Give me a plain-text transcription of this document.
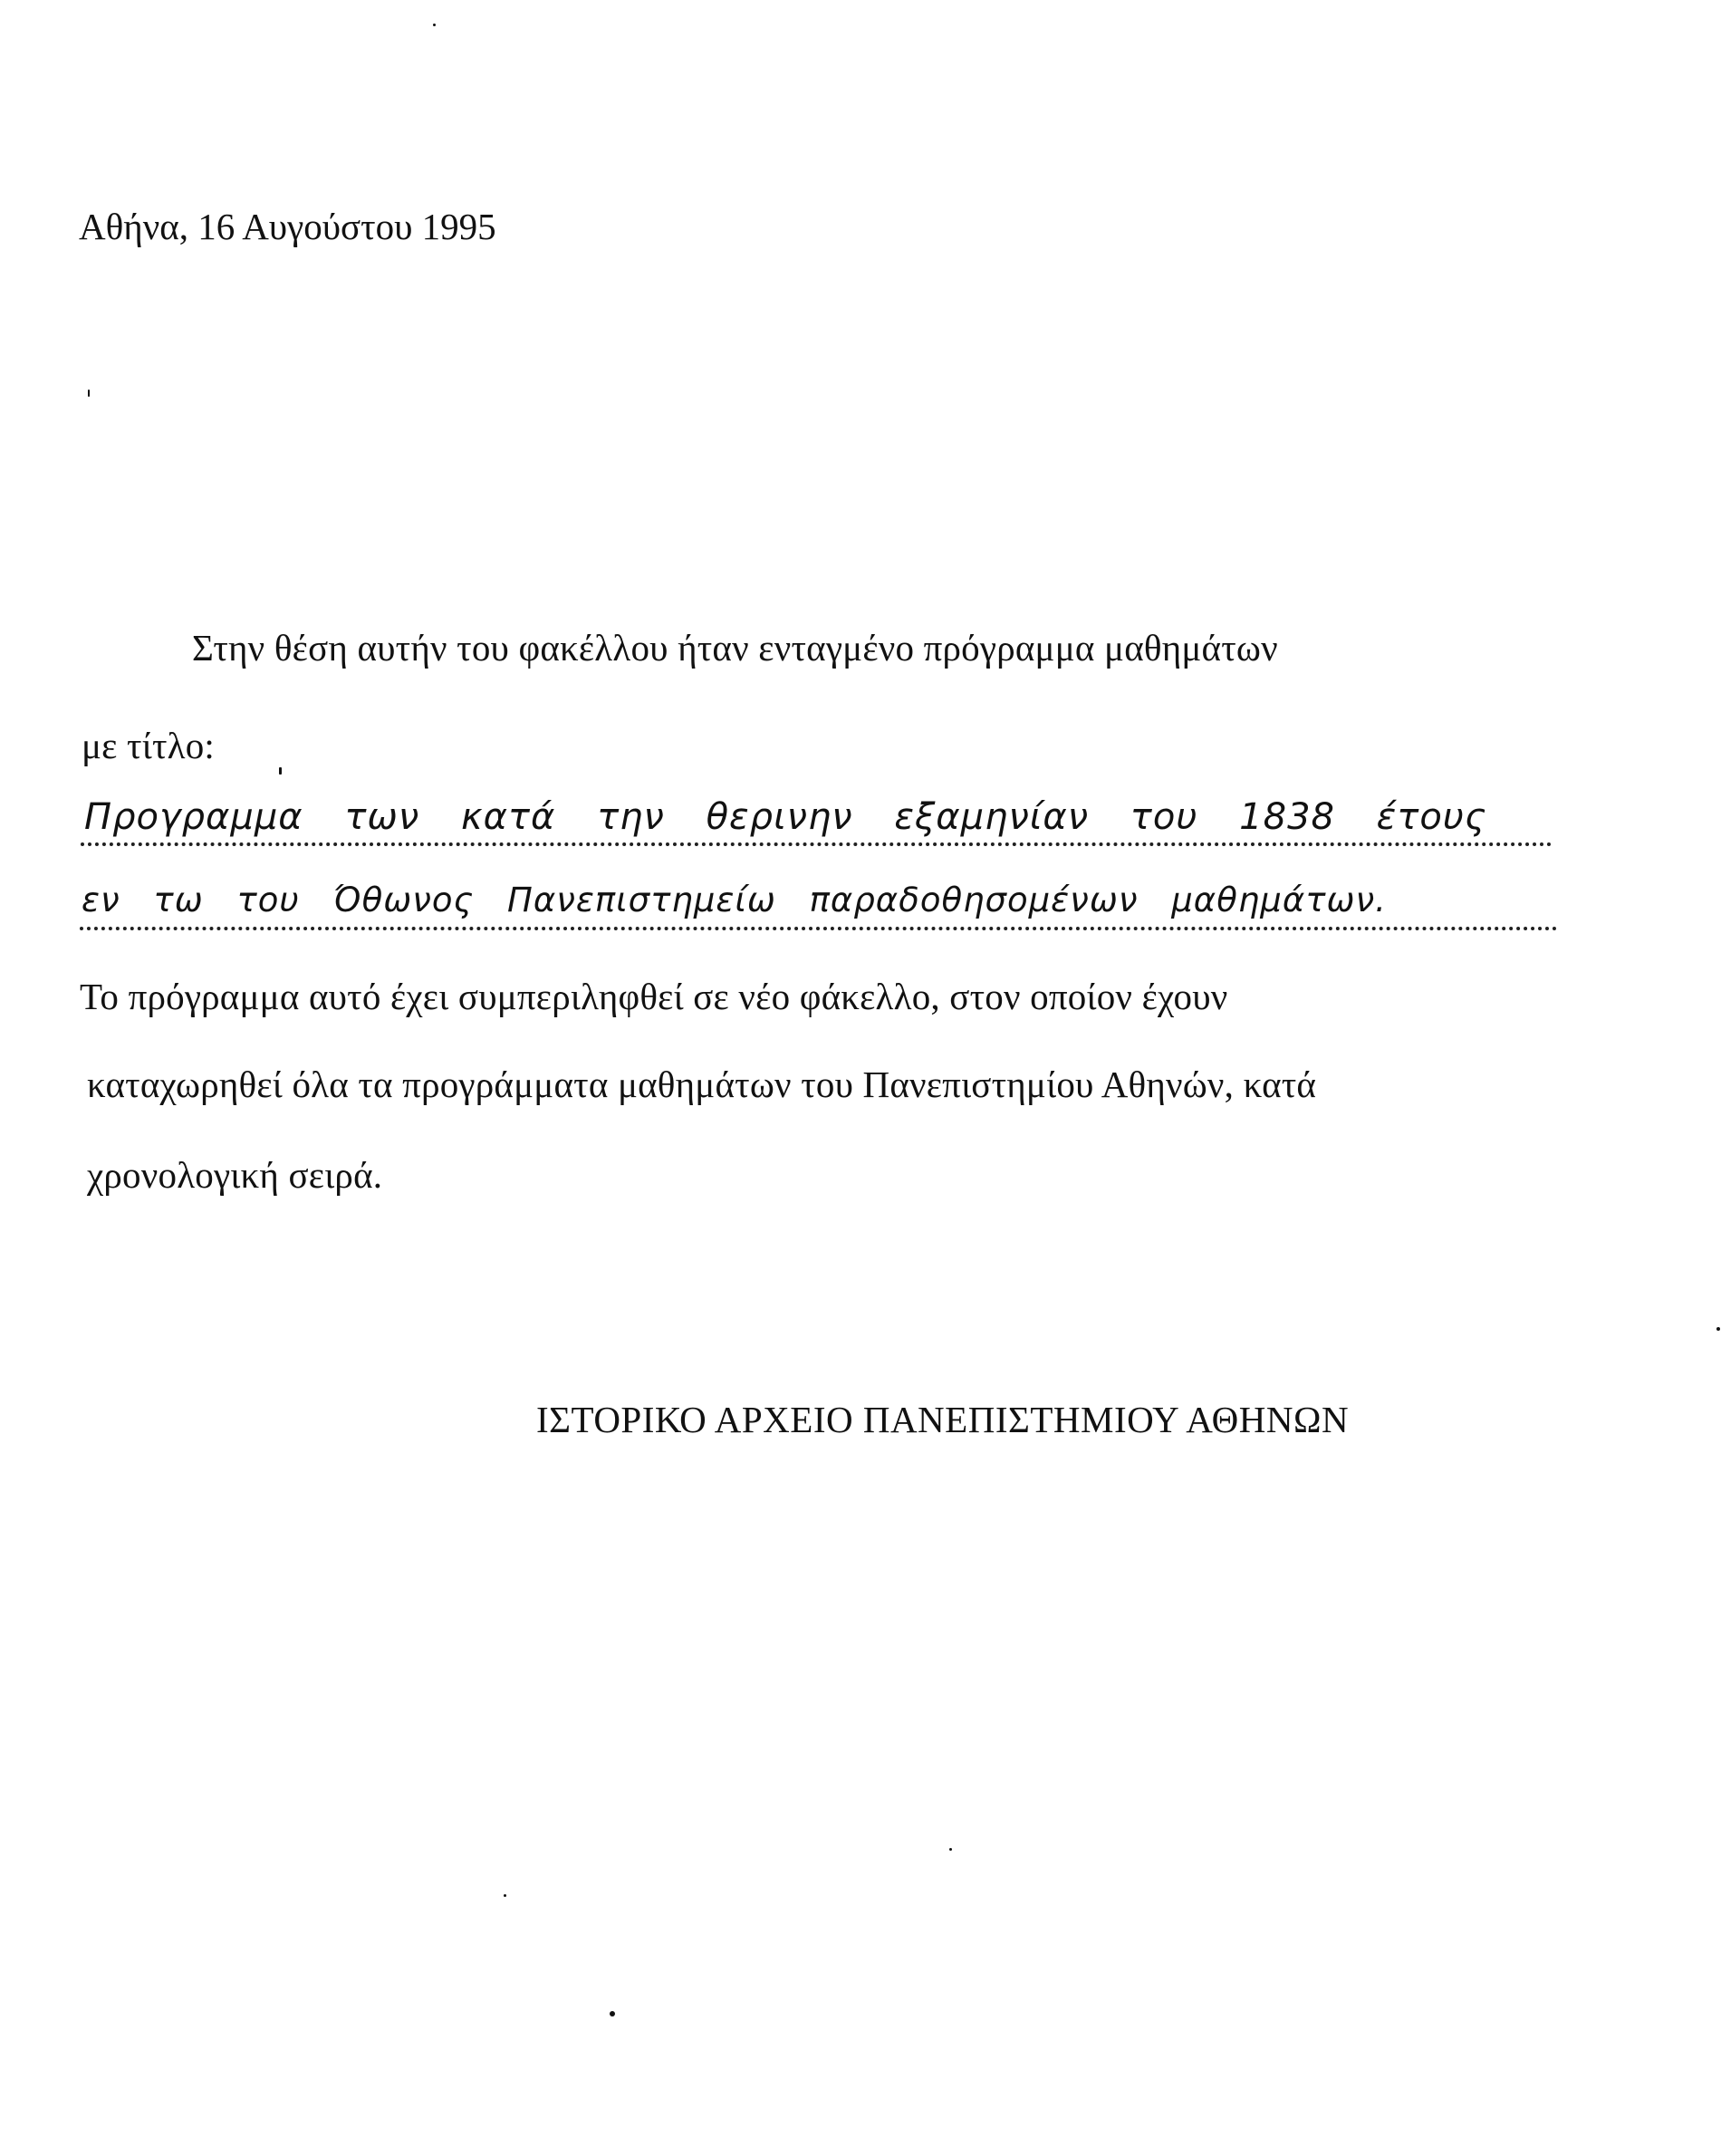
Αθήνα, 16 Αυγούστου 1995
Στην θέση αυτήν του φακέλλου ήταν ενταγμένο πρόγραμμα μαθημάτων
με τίτλο:
Προγραμμα των κατά την θερινην εξαμηνίαν του 1838 έτους
εν τω του Όθωνος Πανεπιστημείω παραδοθησομένων μαθημάτων.
Το πρόγραμμα αυτό έχει συμπεριληφθεί σε νέο φάκελλο, στον οποίον έχουν
καταχωρηθεί όλα τα προγράμματα μαθημάτων του Πανεπιστημίου Αθηνών, κατά
χρονολογική σειρά.
ΙΣΤΟΡΙΚΟ ΑΡΧΕΙΟ ΠΑΝΕΠΙΣΤΗΜΙΟΥ ΑΘΗΝΩΝ
